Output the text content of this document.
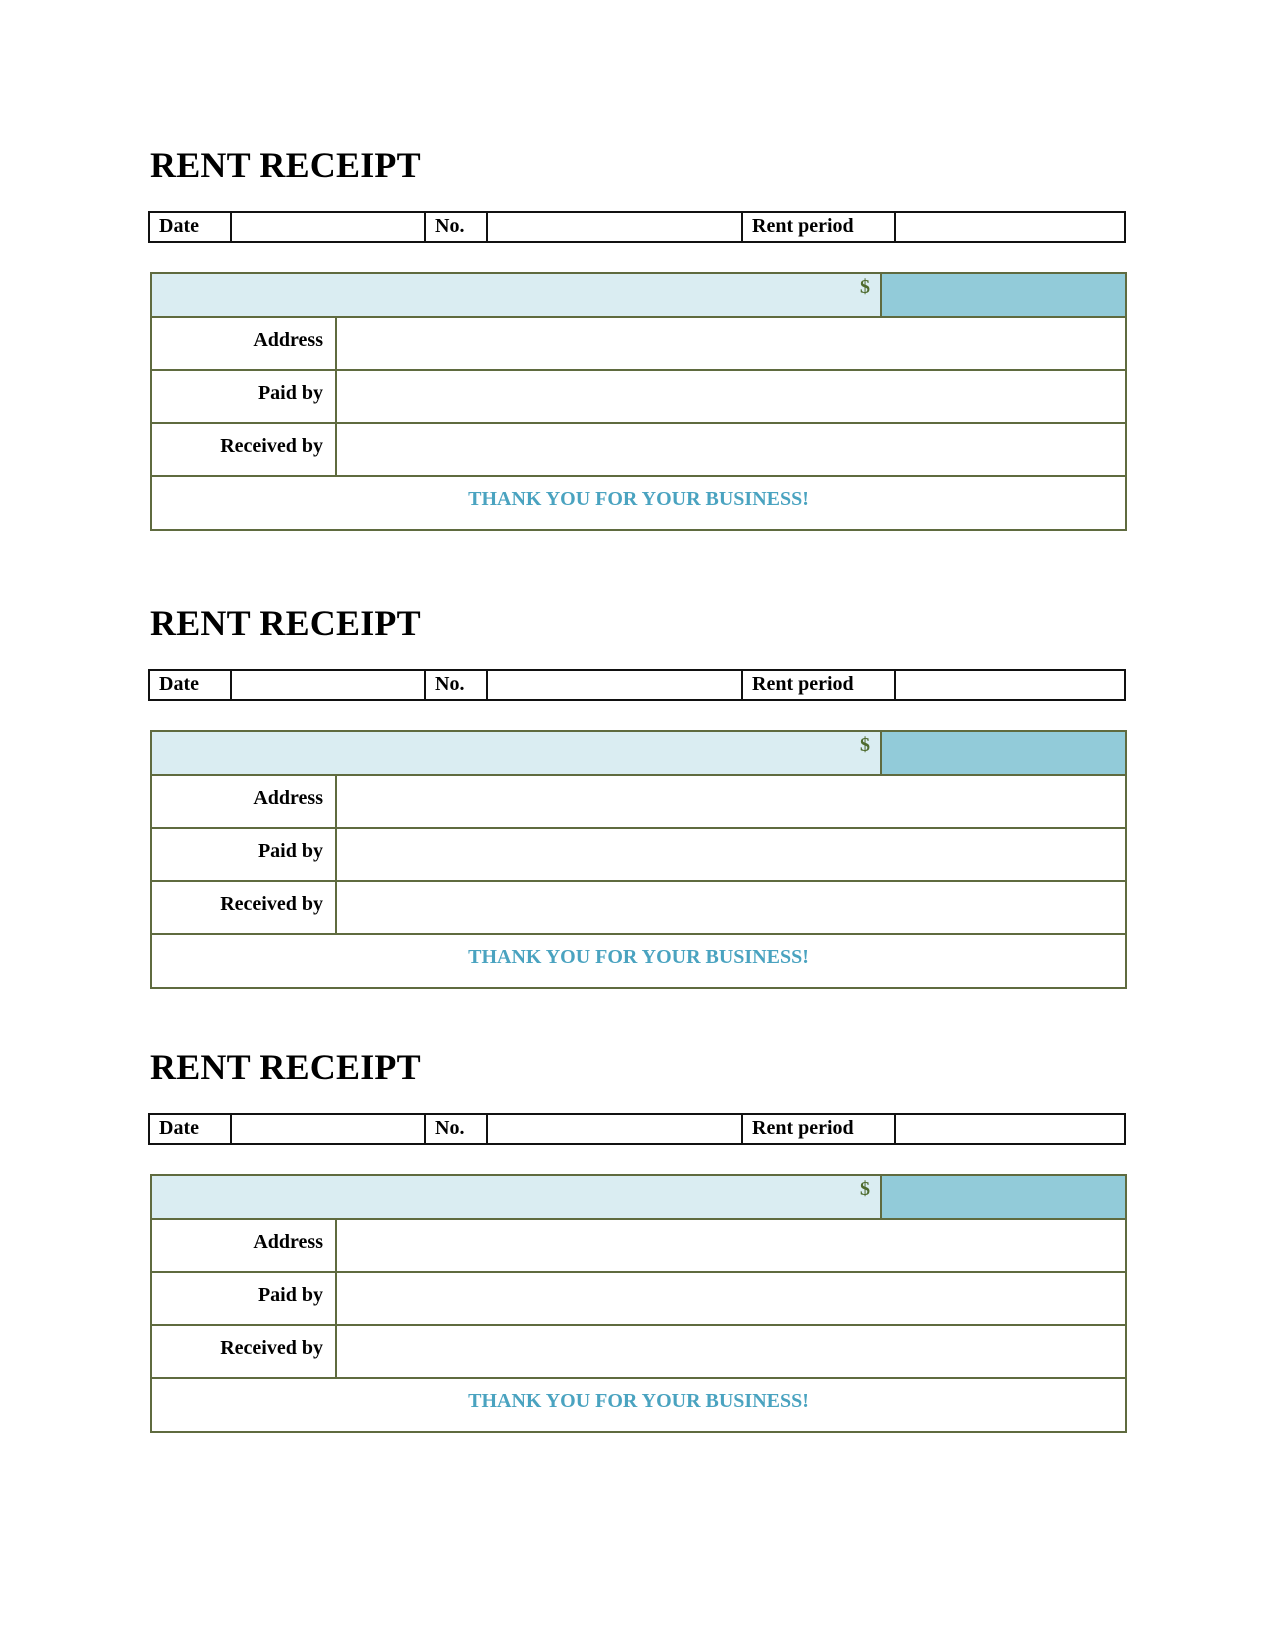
RENT RECEIPT
Date	No.	Rent period
$
Address
Paid by
Received by
THANK YOU FOR YOUR BUSINESS!
RENT RECEIPT
Date	No.	Rent period
$
Address
Paid by
Received by
THANK YOU FOR YOUR BUSINESS!
RENT RECEIPT
Date	No.	Rent period
$
Address
Paid by
Received by
THANK YOU FOR YOUR BUSINESS!
